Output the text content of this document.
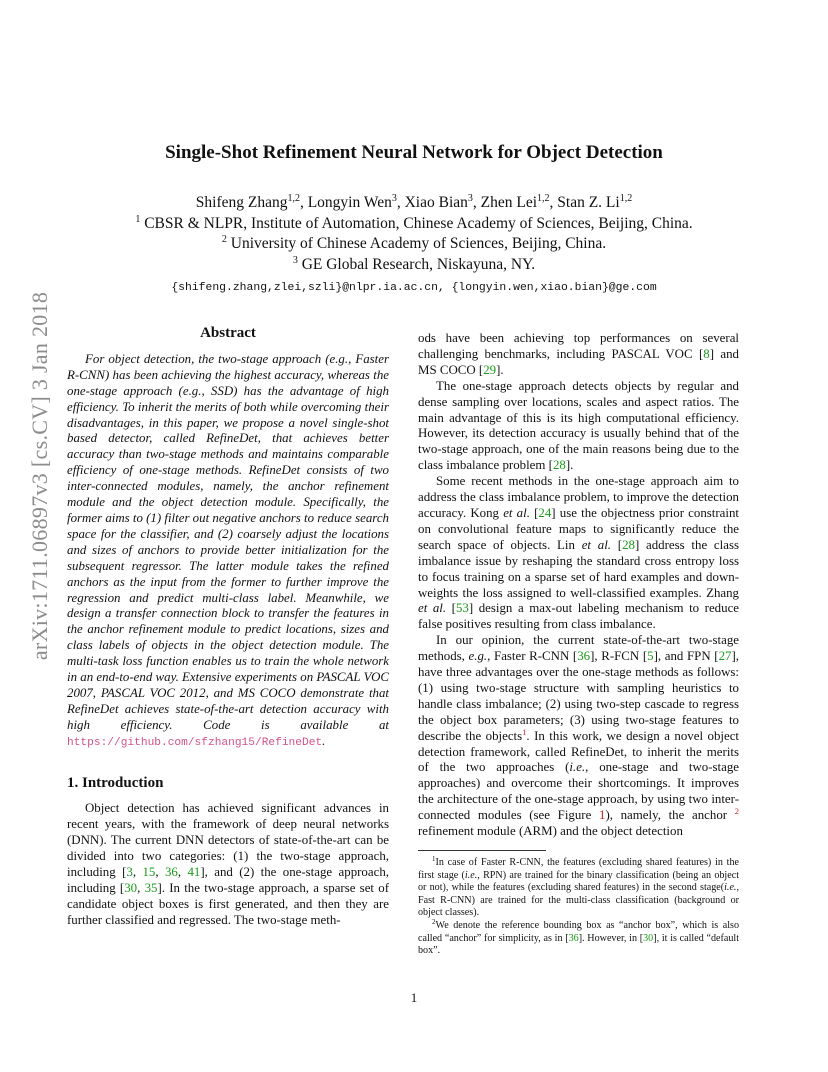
arXiv:1711.06897v3 [cs.CV] 3 Jan 2018
Single-Shot Refinement Neural Network for Object Detection
Shifeng Zhang$^{1,2}$, Longyin Wen$^3$, Xiao Bian$^3$, Zhen Lei$^{1,2}$, Stan Z. Li$^{1,2}$
$^1$ CBSR & NLPR, Institute of Automation, Chinese Academy of Sciences, Beijing, China.
$^2$ University of Chinese Academy of Sciences, Beijing, China.
$^3$ GE Global Research, Niskayuna, NY.
{shifeng.zhang,zlei,szli}@nlpr.ia.ac.cn, {longyin.wen,xiao.bian}@ge.com
Abstract

For object detection, the two-stage approach (e.g., Faster R-CNN) has been achieving the highest accuracy, whereas the one-stage approach (e.g., SSD) has the advantage of high efficiency. To inherit the merits of both while overcoming their disadvantages, in this paper, we propose a novel single-shot based detector, called RefineDet, that achieves better accuracy than two-stage methods and maintains comparable efficiency of one-stage methods. RefineDet consists of two inter-connected modules, namely, the anchor refinement module and the object detection module. Specifically, the former aims to (1) filter out negative anchors to reduce search space for the classifier, and (2) coarsely adjust the locations and sizes of anchors to provide better initialization for the subsequent regressor. The latter module takes the refined anchors as the input from the former to further improve the regression and predict multi-class label. Meanwhile, we design a transfer connection block to transfer the features in the anchor refinement module to predict locations, sizes and class labels of objects in the object detection module. The multi-task loss function enables us to train the whole network in an end-to-end way. Extensive experiments on PASCAL VOC 2007, PASCAL VOC 2012, and MS COCO demonstrate that RefineDet achieves state-of-the-art detection accuracy with high efficiency. Code is available at https://github.com/sfzhang15/RefineDet.

1. Introduction

Object detection has achieved significant advances in recent years, with the framework of deep neural networks (DNN). The current DNN detectors of state-of-the-art can be divided into two categories: (1) the two-stage approach, including [3, 15, 36, 41], and (2) the one-stage approach, including [30, 35]. In the two-stage approach, a sparse set of candidate object boxes is first generated, and then they are further classified and regressed. The two-stage meth-

ods have been achieving top performances on several challenging benchmarks, including PASCAL VOC [8] and MS COCO [29].

The one-stage approach detects objects by regular and dense sampling over locations, scales and aspect ratios. The main advantage of this is its high computational efficiency. However, its detection accuracy is usually behind that of the two-stage approach, one of the main reasons being due to the class imbalance problem [28].

Some recent methods in the one-stage approach aim to address the class imbalance problem, to improve the detection accuracy. Kong et al. [24] use the objectness prior constraint on convolutional feature maps to significantly reduce the search space of objects. Lin et al. [28] address the class imbalance issue by reshaping the standard cross entropy loss to focus training on a sparse set of hard examples and down-weights the loss assigned to well-classified examples. Zhang et al. [53] design a max-out labeling mechanism to reduce false positives resulting from class imbalance.

In our opinion, the current state-of-the-art two-stage methods, e.g., Faster R-CNN [36], R-FCN [5], and FPN [27], have three advantages over the one-stage methods as follows: (1) using two-stage structure with sampling heuristics to handle class imbalance; (2) using two-step cascade to regress the object box parameters; (3) using two-stage features to describe the objects$^1$. In this work, we design a novel object detection framework, called RefineDet, to inherit the merits of the two approaches (i.e., one-stage and two-stage approaches) and overcome their shortcomings. It improves the architecture of the one-stage approach, by using two inter-connected modules (see Figure 1), namely, the anchor $^2$ refinement module (ARM) and the object detection

$^1$In case of Faster R-CNN, the features (excluding shared features) in the first stage (i.e., RPN) are trained for the binary classification (being an object or not), while the features (excluding shared features) in the second stage(i.e., Fast R-CNN) are trained for the multi-class classification (background or object classes).

$^2$We denote the reference bounding box as “anchor box”, which is also called “anchor” for simplicity, as in [36]. However, in [30], it is called “default box”.

1
